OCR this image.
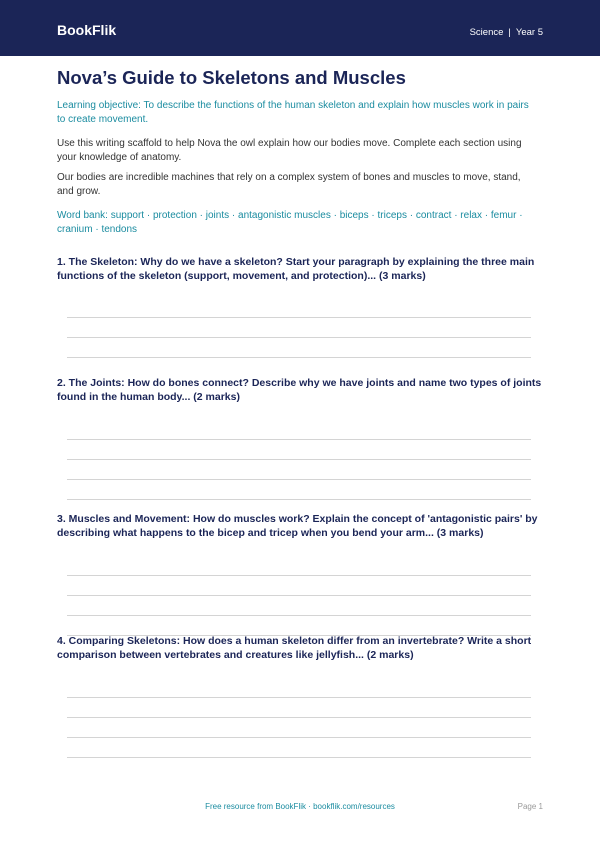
BookFlik	Science | Year 5
Nova’s Guide to Skeletons and Muscles

Learning objective: To describe the functions of the human skeleton and explain how muscles work in pairs to create movement.

Use this writing scaffold to help Nova the owl explain how our bodies move. Complete each section using your knowledge of anatomy.

Our bodies are incredible machines that rely on a complex system of bones and muscles to move, stand, and grow.

Word bank: support · protection · joints · antagonistic muscles · biceps · triceps · contract · relax · femur · cranium · tendons

1. The Skeleton: Why do we have a skeleton? Start your paragraph by explaining the three main functions of the skeleton (support, movement, and protection)... (3 marks)
2. The Joints: How do bones connect? Describe why we have joints and name two types of joints found in the human body... (2 marks)
3. Muscles and Movement: How do muscles work? Explain the concept of 'antagonistic pairs' by describing what happens to the bicep and tricep when you bend your arm... (3 marks)
4. Comparing Skeletons: How does a human skeleton differ from an invertebrate? Write a short comparison between vertebrates and creatures like jellyfish... (2 marks)
Free resource from BookFlik · bookflik.com/resources	Page 1
